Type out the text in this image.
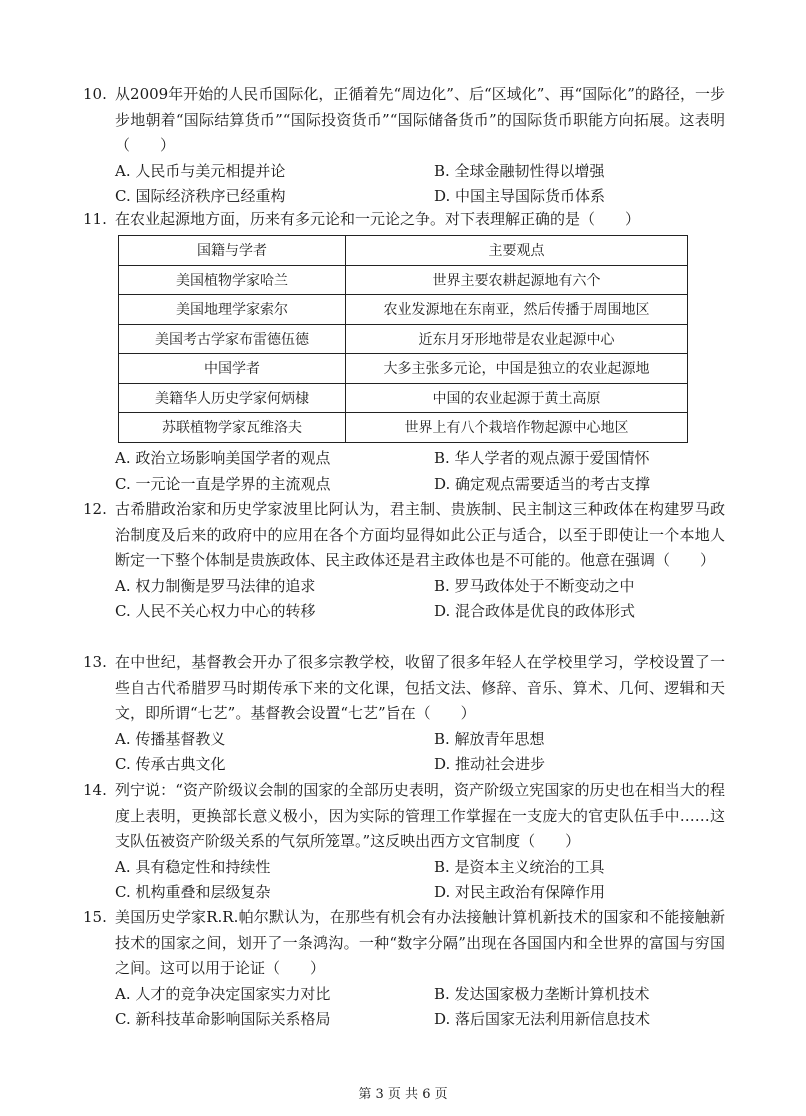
10. 从2009年开始的人民币国际化，正循着先“周边化”、后“区域化”、再“国际化”的路径，一步步地朝着“国际结算货币”“国际投资货币”“国际储备货币”的国际货币职能方向拓展。这表明（　　）
A. 人民币与美元相提并论	B. 全球金融韧性得以增强
C. 国际经济秩序已经重构	D. 中国主导国际货币体系
11. 在农业起源地方面，历来有多元论和一元论之争。对下表理解正确的是（　　）
国籍与学者	主要观点
美国植物学家哈兰	世界主要农耕起源地有六个
美国地理学家索尔	农业发源地在东南亚，然后传播于周围地区
美国考古学家布雷德伍德	近东月牙形地带是农业起源中心
中国学者	大多主张多元论，中国是独立的农业起源地
美籍华人历史学家何炳棣	中国的农业起源于黄土高原
苏联植物学家瓦维洛夫	世界上有八个栽培作物起源中心地区
A. 政治立场影响美国学者的观点	B. 华人学者的观点源于爱国情怀
C. 一元论一直是学界的主流观点	D. 确定观点需要适当的考古支撑
12. 古希腊政治家和历史学家波里比阿认为，君主制、贵族制、民主制这三种政体在构建罗马政治制度及后来的政府中的应用在各个方面均显得如此公正与适合，以至于即使让一个本地人断定一下整个体制是贵族政体、民主政体还是君主政体也是不可能的。他意在强调（　　）
A. 权力制衡是罗马法律的追求	B. 罗马政体处于不断变动之中
C. 人民不关心权力中心的转移	D. 混合政体是优良的政体形式
13. 在中世纪，基督教会开办了很多宗教学校，收留了很多年轻人在学校里学习，学校设置了一些自古代希腊罗马时期传承下来的文化课，包括文法、修辞、音乐、算术、几何、逻辑和天文，即所谓“七艺”。基督教会设置“七艺”旨在（　　）
A. 传播基督教义	B. 解放青年思想
C. 传承古典文化	D. 推动社会进步
14. 列宁说：“资产阶级议会制的国家的全部历史表明，资产阶级立宪国家的历史也在相当大的程度上表明，更换部长意义极小，因为实际的管理工作掌握在一支庞大的官吏队伍手中……这支队伍被资产阶级关系的气氛所笼罩。”这反映出西方文官制度（　　）
A. 具有稳定性和持续性	B. 是资本主义统治的工具
C. 机构重叠和层级复杂	D. 对民主政治有保障作用
15. 美国历史学家R.R.帕尔默认为，在那些有机会有办法接触计算机新技术的国家和不能接触新技术的国家之间，划开了一条鸿沟。一种“数字分隔”出现在各国国内和全世界的富国与穷国之间。这可以用于论证（　　）
A. 人才的竞争决定国家实力对比	B. 发达国家极力垄断计算机技术
C. 新科技革命影响国际关系格局	D. 落后国家无法利用新信息技术
第 3 页 共 6 页
